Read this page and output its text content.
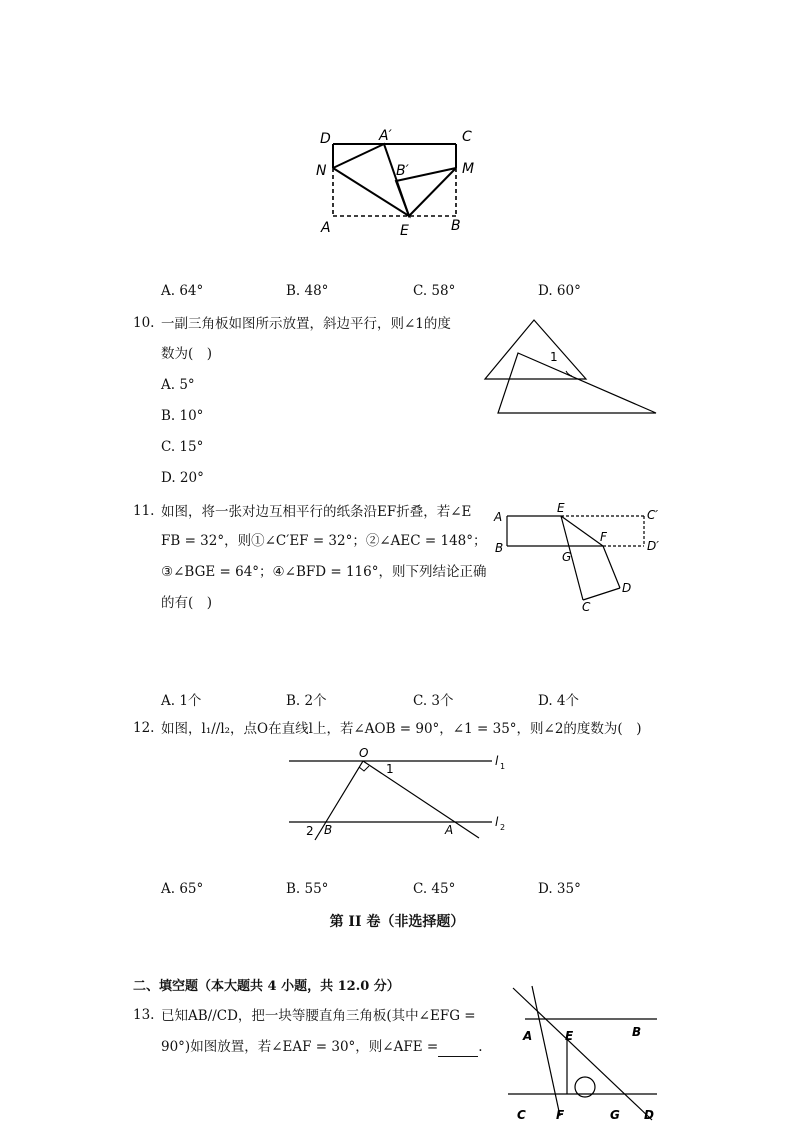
D	A′	C
N	B′	M
A	E	B
A. 64°	B. 48°	C. 58°	D. 60°
10. 一副三角板如图所示放置，斜边平行，则∠1的度
数为(　)
A. 5°
B. 10°
C. 15°
D. 20°
1
11. 如图，将一张对边互相平行的纸条沿EF折叠，若∠E
FB = 32°，则①∠C′EF = 32°；②∠AEC = 148°；
③∠BGE = 64°；④∠BFD = 116°，则下列结论正确
的有(　)
A
E	C′
B
F
D′
G
C
D
A. 1个	B. 2个	C. 3个	D. 4个
12. 如图，l₁//l₂，点O在直线l上，若∠AOB = 90°，∠1 = 35°，则∠2的度数为(　)
O
1
l 1
l 2
2 B	A
A. 65°	B. 55°	C. 45°	D. 35°
第 II 卷（非选择题）
二、填空题（本大题共 4 小题，共 12.0 分）
13. 已知AB//CD，把一块等腰直角三角板(其中∠EFG =
90°)如图放置，若∠EAF = 30°，则∠AFE =	.
A	E	B
C	F	G D
